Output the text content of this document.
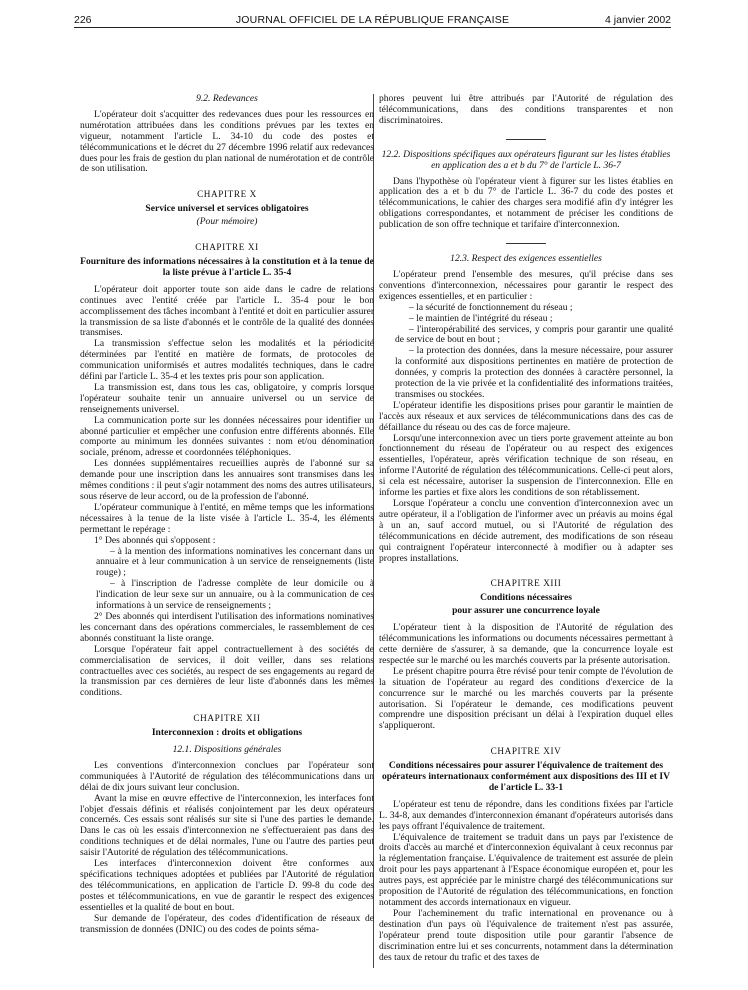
226	JOURNAL OFFICIEL DE LA RÉPUBLIQUE FRANÇAISE	4 janvier 2002
9.2. Redevances

L'opérateur doit s'acquitter des redevances dues pour les ressources en numérotation attribuées dans les conditions prévues par les textes en vigueur, notamment l'article L. 34-10 du code des postes et télécommunications et le décret du 27 décembre 1996 relatif aux redevances dues pour les frais de gestion du plan national de numérotation et de contrôle de son utilisation.

CHAPITRE X
Service universel et services obligatoires
(Pour mémoire)
CHAPITRE XI
Fourniture des informations nécessaires à la constitution et à la tenue de la liste prévue à l'article L. 35-4

L'opérateur doit apporter toute son aide dans le cadre de relations continues avec l'entité créée par l'article L. 35-4 pour le bon accomplissement des tâches incombant à l'entité et doit en particulier assurer la transmission de sa liste d'abonnés et le contrôle de la qualité des données transmises.

La transmission s'effectue selon les modalités et la périodicité déterminées par l'entité en matière de formats, de protocoles de communication uniformisés et autres modalités techniques, dans le cadre défini par l'article L. 35-4 et les textes pris pour son application.

La transmission est, dans tous les cas, obligatoire, y compris lorsque l'opérateur souhaite tenir un annuaire universel ou un service de renseignements universel.

La communication porte sur les données nécessaires pour identifier un abonné particulier et empêcher une confusion entre différents abonnés. Elle comporte au minimum les données suivantes : nom et/ou dénomination sociale, prénom, adresse et coordonnées téléphoniques.

Les données supplémentaires recueillies auprès de l'abonné sur sa demande pour une inscription dans les annuaires sont transmises dans les mêmes conditions : il peut s'agir notamment des noms des autres utilisateurs, sous réserve de leur accord, ou de la profession de l'abonné.

L'opérateur communique à l'entité, en même temps que les informations nécessaires à la tenue de la liste visée à l'article L. 35-4, les éléments permettant le repérage :

1° Des abonnés qui s'opposent :

– à la mention des informations nominatives les concernant dans un annuaire et à leur communication à un service de renseignements (liste rouge) ;

– à l'inscription de l'adresse complète de leur domicile ou à l'indication de leur sexe sur un annuaire, ou à la communication de ces informations à un service de renseignements ;

2° Des abonnés qui interdisent l'utilisation des informations nominatives les concernant dans des opérations commerciales, le rassemblement de ces abonnés constituant la liste orange.

Lorsque l'opérateur fait appel contractuellement à des sociétés de commercialisation de services, il doit veiller, dans ses relations contractuelles avec ces sociétés, au respect de ses engagements au regard de la transmission par ces dernières de leur liste d'abonnés dans les mêmes conditions.

CHAPITRE XII
Interconnexion : droits et obligations
12.1. Dispositions générales

Les conventions d'interconnexion conclues par l'opérateur sont communiquées à l'Autorité de régulation des télécommunications dans un délai de dix jours suivant leur conclusion.

Avant la mise en œuvre effective de l'interconnexion, les interfaces font l'objet d'essais définis et réalisés conjointement par les deux opérateurs concernés. Ces essais sont réalisés sur site si l'une des parties le demande. Dans le cas où les essais d'interconnexion ne s'effectueraient pas dans des conditions techniques et de délai normales, l'une ou l'autre des parties peut saisir l'Autorité de régulation des télécommunications.

Les interfaces d'interconnexion doivent être conformes aux spécifications techniques adoptées et publiées par l'Autorité de régulation des télécommunications, en application de l'article D. 99-8 du code des postes et télécommunications, en vue de garantir le respect des exigences essentielles et la qualité de bout en bout.

Sur demande de l'opérateur, des codes d'identification de réseaux de transmission de données (DNIC) ou des codes de points séma-

phores peuvent lui être attribués par l'Autorité de régulation des télécommunications, dans des conditions transparentes et non discriminatoires.

12.2. Dispositions spécifiques aux opérateurs figurant sur les listes établies en application des a et b du 7° de l'article L. 36-7

Dans l'hypothèse où l'opérateur vient à figurer sur les listes établies en application des a et b du 7° de l'article L. 36-7 du code des postes et télécommunications, le cahier des charges sera modifié afin d'y intégrer les obligations correspondantes, et notamment de préciser les conditions de publication de son offre technique et tarifaire d'interconnexion.

12.3. Respect des exigences essentielles

L'opérateur prend l'ensemble des mesures, qu'il précise dans ses conventions d'interconnexion, nécessaires pour garantir le respect des exigences essentielles, et en particulier :

– la sécurité de fonctionnement du réseau ;

– le maintien de l'intégrité du réseau ;

– l'interopérabilité des services, y compris pour garantir une qualité de service de bout en bout ;

– la protection des données, dans la mesure nécessaire, pour assurer la conformité aux dispositions pertinentes en matière de protection de données, y compris la protection des données à caractère personnel, la protection de la vie privée et la confidentialité des informations traitées, transmises ou stockées.

L'opérateur identifie les dispositions prises pour garantir le maintien de l'accès aux réseaux et aux services de télécommunications dans des cas de défaillance du réseau ou des cas de force majeure.

Lorsqu'une interconnexion avec un tiers porte gravement atteinte au bon fonctionnement du réseau de l'opérateur ou au respect des exigences essentielles, l'opérateur, après vérification technique de son réseau, en informe l'Autorité de régulation des télécommunications. Celle-ci peut alors, si cela est nécessaire, autoriser la suspension de l'interconnexion. Elle en informe les parties et fixe alors les conditions de son rétablissement.

Lorsque l'opérateur a conclu une convention d'interconnexion avec un autre opérateur, il a l'obligation de l'informer avec un préavis au moins égal à un an, sauf accord mutuel, ou si l'Autorité de régulation des télécommunications en décide autrement, des modifications de son réseau qui contraignent l'opérateur interconnecté à modifier ou à adapter ses propres installations.

CHAPITRE XIII
Conditions nécessaires
pour assurer une concurrence loyale

L'opérateur tient à la disposition de l'Autorité de régulation des télécommunications les informations ou documents nécessaires permettant à cette dernière de s'assurer, à sa demande, que la concurrence loyale est respectée sur le marché ou les marchés couverts par la présente autorisation.

Le présent chapitre pourra être révisé pour tenir compte de l'évolution de la situation de l'opérateur au regard des conditions d'exercice de la concurrence sur le marché ou les marchés couverts par la présente autorisation. Si l'opérateur le demande, ces modifications peuvent comprendre une disposition précisant un délai à l'expiration duquel elles s'appliqueront.

CHAPITRE XIV
Conditions nécessaires pour assurer l'équivalence de traitement des opérateurs internationaux conformément aux dispositions des III et IV de l'article L. 33-1

L'opérateur est tenu de répondre, dans les conditions fixées par l'article L. 34-8, aux demandes d'interconnexion émanant d'opérateurs autorisés dans les pays offrant l'équivalence de traitement.

L'équivalence de traitement se traduit dans un pays par l'existence de droits d'accès au marché et d'interconnexion équivalant à ceux reconnus par la réglementation française. L'équivalence de traitement est assurée de plein droit pour les pays appartenant à l'Espace économique européen et, pour les autres pays, est appréciée par le ministre chargé des télécommunications sur proposition de l'Autorité de régulation des télécommunications, en fonction notamment des accords internationaux en vigueur.

Pour l'acheminement du trafic international en provenance ou à destination d'un pays où l'équivalence de traitement n'est pas assurée, l'opérateur prend toute disposition utile pour garantir l'absence de discrimination entre lui et ses concurrents, notamment dans la détermination des taux de retour du trafic et des taxes de
